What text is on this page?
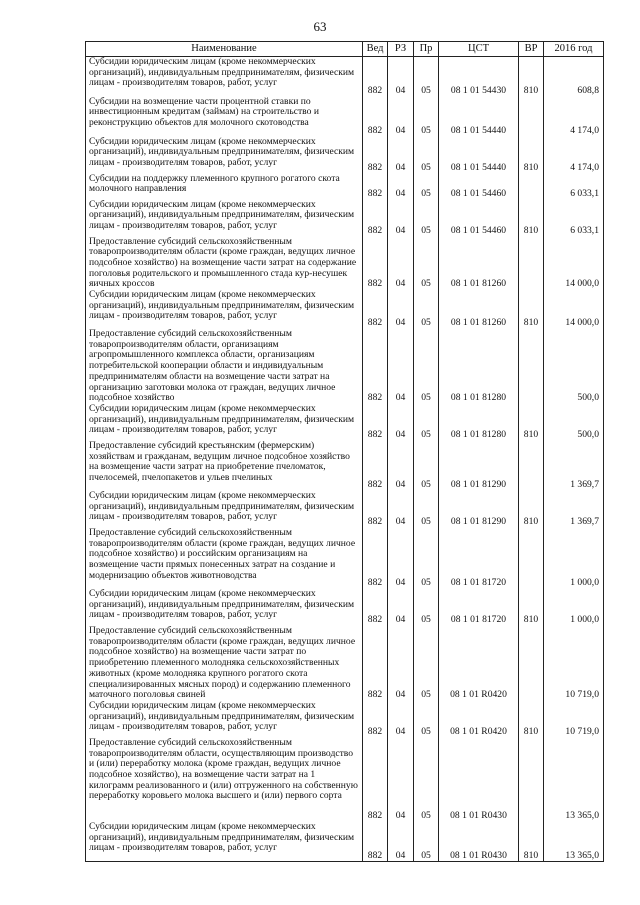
63
Наименование	Вед	РЗ	Пр	ЦСТ	ВР	2016 год
Субсидии юридическим лицам (кроме некоммерческих организаций), индивидуальным предпринимателям, физическим лицам - производителям товаров, работ, услуг	882	04	05	08 1 01 54430	810	608,8
Субсидии на возмещение части процентной ставки по инвестиционным кредитам (займам) на строительство и реконструкцию объектов для молочного скотоводства	882	04	05	08 1 01 54440		4 174,0
Субсидии юридическим лицам (кроме некоммерческих организаций), индивидуальным предпринимателям, физическим лицам - производителям товаров, работ, услуг	882	04	05	08 1 01 54440	810	4 174,0
Субсидии на поддержку племенного крупного рогатого скота молочного направления	882	04	05	08 1 01 54460		6 033,1
Субсидии юридическим лицам (кроме некоммерческих организаций), индивидуальным предпринимателям, физическим лицам - производителям товаров, работ, услуг	882	04	05	08 1 01 54460	810	6 033,1
Предоставление субсидий сельскохозяйственным товаропроизводителям области (кроме граждан, ведущих личное подсобное хозяйство) на возмещение части затрат на содержание поголовья родительского и промышленного стада кур-несушек яичных кроссов	882	04	05	08 1 01 81260		14 000,0
Субсидии юридическим лицам (кроме некоммерческих организаций), индивидуальным предпринимателям, физическим лицам - производителям товаров, работ, услуг	882	04	05	08 1 01 81260	810	14 000,0
Предоставление субсидий сельскохозяйственным товаропроизводителям области, организациям агропромышленного комплекса области, организациям потребительской кооперации области и индивидуальным предпринимателям области на возмещение части затрат на организацию заготовки молока от граждан, ведущих личное подсобное хозяйство	882	04	05	08 1 01 81280		500,0
Субсидии юридическим лицам (кроме некоммерческих организаций), индивидуальным предпринимателям, физическим лицам - производителям товаров, работ, услуг	882	04	05	08 1 01 81280	810	500,0
Предоставление субсидий крестьянским (фермерским) хозяйствам и гражданам, ведущим личное подсобное хозяйство на возмещение части затрат на приобретение пчеломаток, пчелосемей, пчелопакетов и ульев пчелиных	882	04	05	08 1 01 81290		1 369,7
Субсидии юридическим лицам (кроме некоммерческих организаций), индивидуальным предпринимателям, физическим лицам - производителям товаров, работ, услуг	882	04	05	08 1 01 81290	810	1 369,7
Предоставление субсидий сельскохозяйственным товаропроизводителям области (кроме граждан, ведущих личное подсобное хозяйство) и российским организациям на возмещение части прямых понесенных затрат на создание и модернизацию объектов животноводства	882	04	05	08 1 01 81720		1 000,0
Субсидии юридическим лицам (кроме некоммерческих организаций), индивидуальным предпринимателям, физическим лицам - производителям товаров, работ, услуг	882	04	05	08 1 01 81720	810	1 000,0
Предоставление субсидий сельскохозяйственным товаропроизводителям области (кроме граждан, ведущих личное подсобное хозяйство) на возмещение части затрат по приобретению племенного молодняка сельскохозяйственных животных (кроме молодняка крупного рогатого скота специализированных мясных пород) и содержанию племенного маточного поголовья свиней	882	04	05	08 1 01 R0420		10 719,0
Субсидии юридическим лицам (кроме некоммерческих организаций), индивидуальным предпринимателям, физическим лицам - производителям товаров, работ, услуг	882	04	05	08 1 01 R0420	810	10 719,0
Предоставление субсидий сельскохозяйственным товаропроизводителям области, осуществляющим производство и (или) переработку молока (кроме граждан, ведущих личное подсобное хозяйство), на возмещение части затрат на 1 килограмм реализованного и (или) отгруженного на собственную переработку коровьего молока высшего и (или) первого сорта	882	04	05	08 1 01 R0430		13 365,0
Субсидии юридическим лицам (кроме некоммерческих организаций), индивидуальным предпринимателям, физическим лицам - производителям товаров, работ, услуг	882	04	05	08 1 01 R0430	810	13 365,0
